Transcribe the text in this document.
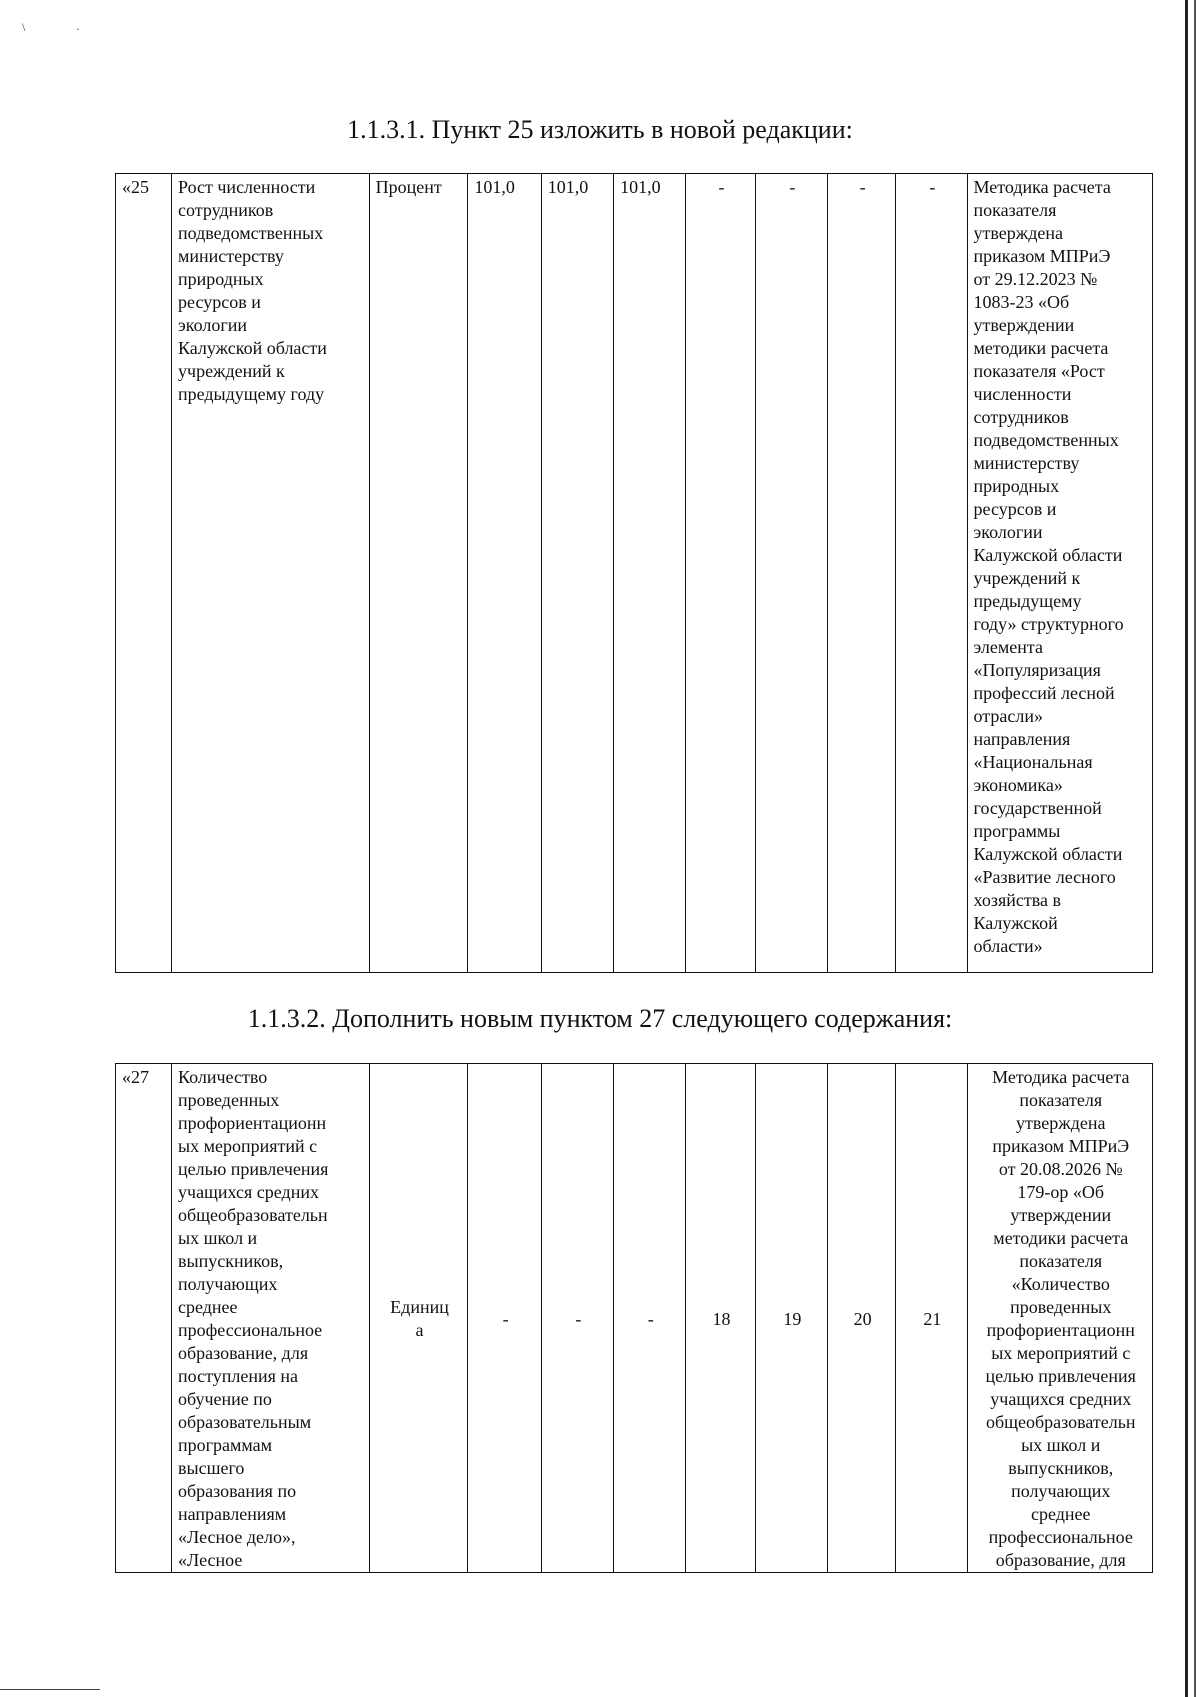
\	·
1.1.3.1. Пункт 25 изложить в новой редакции:
«25	Рост численности
сотрудников
подведомственных
министерству
природных
ресурсов и
экологии
Калужской области
учреждений к
предыдущему году	Процент	101,0	101,0	101,0	-	-	-	-	Методика расчета
показателя
утверждена
приказом МПРиЭ
от 29.12.2023 №
1083-23 «Об
утверждении
методики расчета
показателя «Рост
численности
сотрудников
подведомственных
министерству
природных
ресурсов и
экологии
Калужской области
учреждений к
предыдущему
году» структурного
элемента
«Популяризация
профессий лесной
отрасли»
направления
«Национальная
экономика»
государственной
программы
Калужской области
«Развитие лесного
хозяйства в
Калужской
области»
1.1.3.2. Дополнить новым пунктом 27 следующего содержания:
«27	Количество
проведенных
профориентационн
ых мероприятий с
целью привлечения
учащихся средних
общеобразовательн
ых школ и
выпускников,
получающих
среднее
профессиональное
образование, для
поступления на
обучение по
образовательным
программам
высшего
образования по
направлениям
«Лесное дело»,
«Лесное	Единиц
а	-	-	-	18	19	20	21	Методика расчета
показателя
утверждена
приказом МПРиЭ
от 20.08.2026 №
179-ор «Об
утверждении
методики расчета
показателя
«Количество
проведенных
профориентационн
ых мероприятий с
целью привлечения
учащихся средних
общеобразовательн
ых школ и
выпускников,
получающих
среднее
профессиональное
образование, для
